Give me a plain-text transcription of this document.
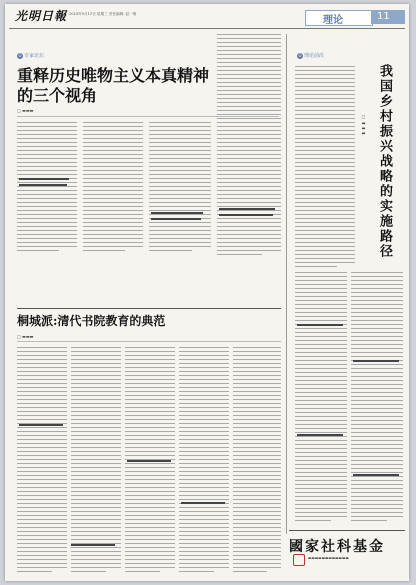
光明日報 2019年5月17日 星期三 责任编辑: 赵一明
理论	11
G 专家论坛
重释历史唯物主义本真精神的三个视角
□ ▬▬▬
桐城派:清代书院教育的典范
□ ▬▬▬
G 理论前沿
我国乡村振兴战略的实施路径
□ ▬▬▬
國家社科基金
▬▬▬▬▬▬▬▬▬▬▬▬
